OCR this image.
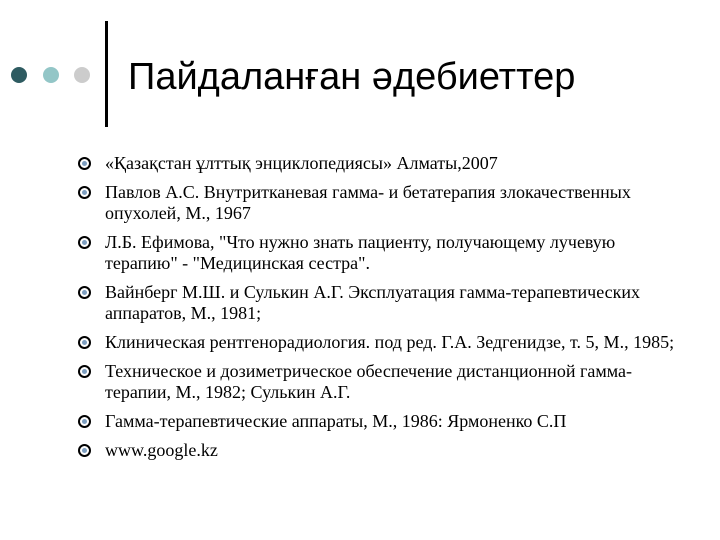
Пайдаланған әдебиеттер
«Қазақстан ұлттық энциклопедиясы» Алматы,2007
Павлов А.С. Внутритканевая гамма- и бетатерапия злокачественных опухолей, М., 1967
Л.Б. Ефимова, "Что нужно знать пациенту, получающему лучевую терапию" - "Медицинская сестра".
Вайнберг М.Ш. и Сулькин А.Г. Эксплуатация гамма-терапевтических аппаратов, М., 1981;
Клиническая рентгенорадиология. под ред. Г.А. Зедгенидзе, т. 5, М., 1985;
Техническое и дозиметрическое обеспечение дистанционной гамма-терапии, М., 1982; Сулькин А.Г.
Гамма-терапевтические аппараты, М., 1986: Ярмоненко С.П
www.google.kz
